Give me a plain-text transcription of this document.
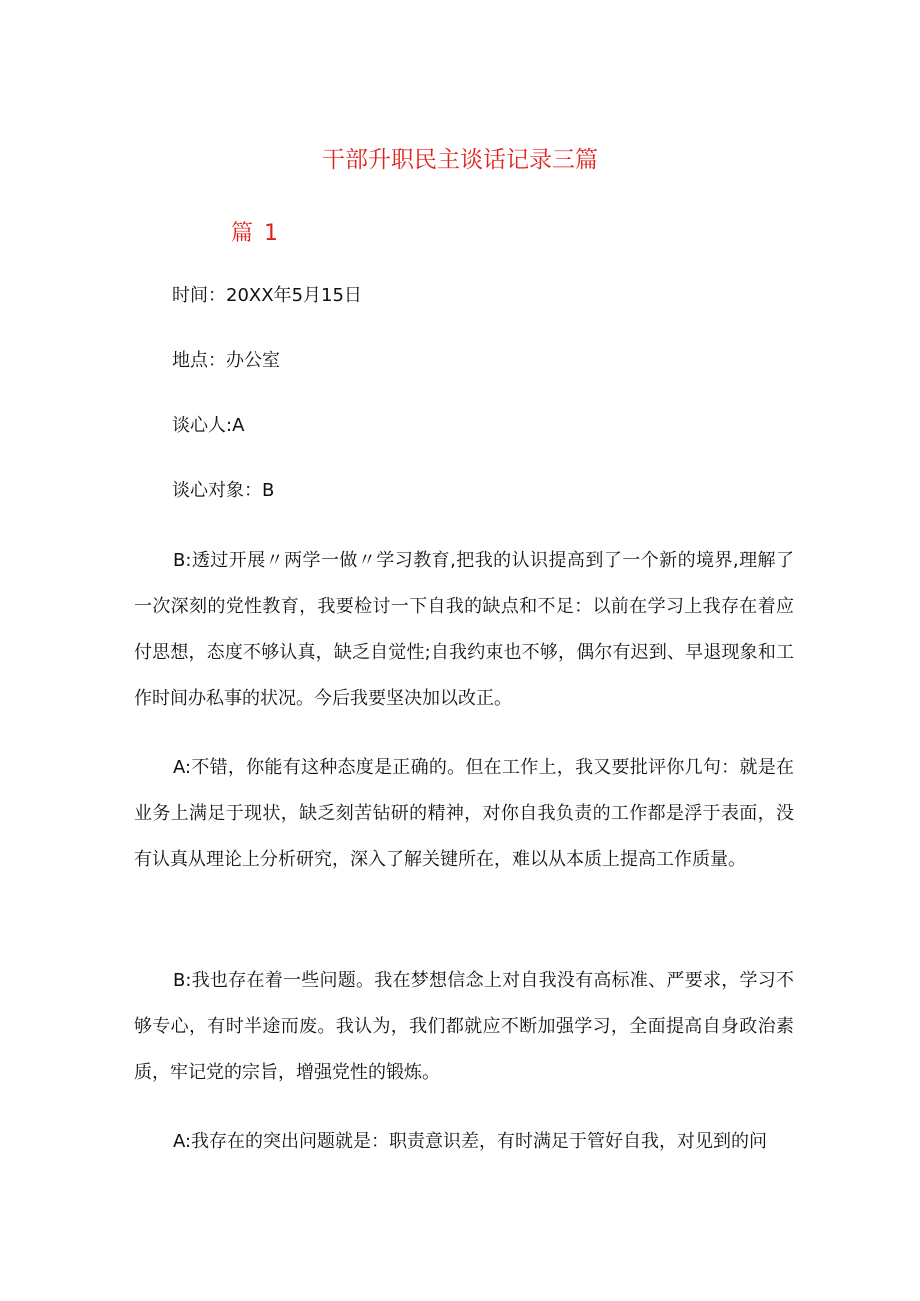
干部升职民主谈话记录三篇
篇 1

时间：20XX年5月15日

地点：办公室

谈心人:A

谈心对象：B

B:透过开展〃两学一做〃学习教育,把我的认识提高到了一个新的境界,理解了一次深刻的党性教育，我要检讨一下自我的缺点和不足：以前在学习上我存在着应付思想，态度不够认真，缺乏自觉性;自我约束也不够，偶尔有迟到、早退现象和工作时间办私事的状况。今后我要坚决加以改正。

A:不错，你能有这种态度是正确的。但在工作上，我又要批评你几句：就是在业务上满足于现状，缺乏刻苦钻研的精神，对你自我负责的工作都是浮于表面，没有认真从理论上分析研究，深入了解关键所在，难以从本质上提高工作质量。

B:我也存在着一些问题。我在梦想信念上对自我没有高标准、严要求，学习不够专心，有时半途而废。我认为，我们都就应不断加强学习，全面提高自身政治素质，牢记党的宗旨，增强党性的锻炼。

A:我存在的突出问题就是：职责意识差，有时满足于管好自我，对见到的问
